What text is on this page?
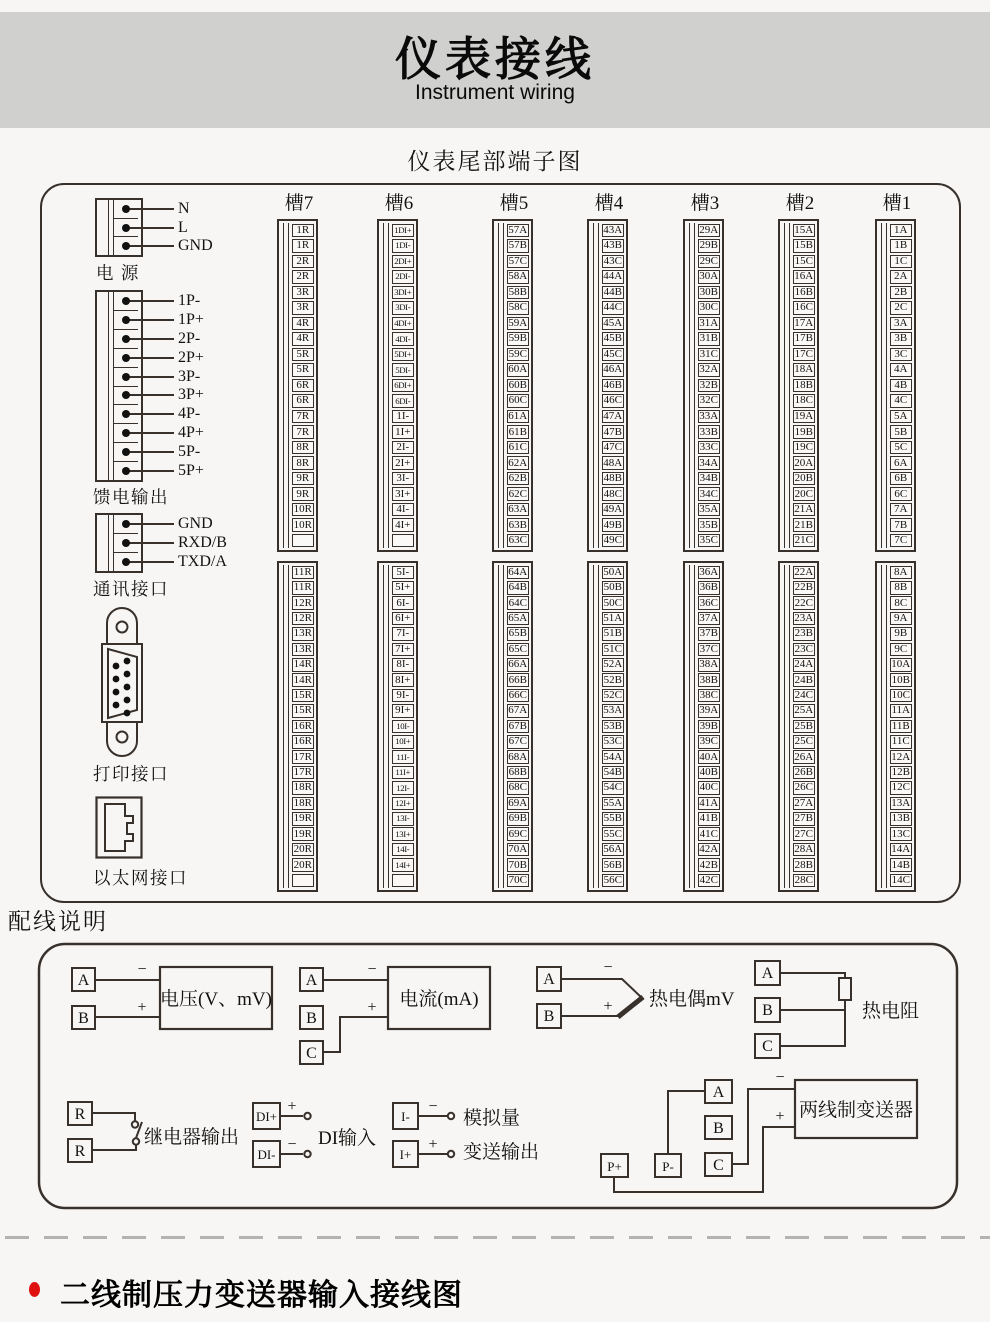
仪表接线
Instrument wiring
仪表尾部端子图
电 源
馈电输出
通讯接口
打印接口
以太网接口
N
L
GND
1P-
1P+
2P-
2P+
3P-
3P+
4P-
4P+
5P-
5P+
GND
RXD/B
TXD/A
槽7
1R
1R
2R
2R
3R
3R
4R
4R
5R
5R
6R
6R
7R
7R
8R
8R
9R
9R
10R
10R
11R
11R
12R
12R
13R
13R
14R
14R
15R
15R
16R
16R
17R
17R
18R
18R
19R
19R
20R
20R
槽6
1DI+
1DI-
2DI+
2DI-
3DI+
3DI-
4DI+
4DI-
5DI+
5DI-
6DI+
6DI-
1I-
1I+
2I-
2I+
3I-
3I+
4I-
4I+
5I-
5I+
6I-
6I+
7I-
7I+
8I-
8I+
9I-
9I+
10I-
10I+
11I-
11I+
12I-
12I+
13I-
13I+
14I-
14I+
槽5
57A
57B
57C
58A
58B
58C
59A
59B
59C
60A
60B
60C
61A
61B
61C
62A
62B
62C
63A
63B
63C
64A
64B
64C
65A
65B
65C
66A
66B
66C
67A
67B
67C
68A
68B
68C
69A
69B
69C
70A
70B
70C
槽4
43A
43B
43C
44A
44B
44C
45A
45B
45C
46A
46B
46C
47A
47B
47C
48A
48B
48C
49A
49B
49C
50A
50B
50C
51A
51B
51C
52A
52B
52C
53A
53B
53C
54A
54B
54C
55A
55B
55C
56A
56B
56C
槽3
29A
29B
29C
30A
30B
30C
31A
31B
31C
32A
32B
32C
33A
33B
33C
34A
34B
34C
35A
35B
35C
36A
36B
36C
37A
37B
37C
38A
38B
38C
39A
39B
39C
40A
40B
40C
41A
41B
41C
42A
42B
42C
槽2
15A
15B
15C
16A
16B
16C
17A
17B
17C
18A
18B
18C
19A
19B
19C
20A
20B
20C
21A
21B
21C
22A
22B
22C
23A
23B
23C
24A
24B
24C
25A
25B
25C
26A
26B
26C
27A
27B
27C
28A
28B
28C
槽1
1A
1B
1C
2A
2B
2C
3A
3B
3C
4A
4B
4C
5A
5B
5C
6A
6B
6C
7A
7B
7C
8A
8B
8C
9A
9B
9C
10A
10B
10C
11A
11B
11C
12A
12B
12C
13A
13B
13C
14A
14B
14C
配线说明
A
B
−
+ 电压(V、mV)
A
B
C
−
+ 电流(mA)
A
B
−
+ 热电偶mV
A
B
C
热电阻
R
R
继电器输出
DI+
DI-
+
− DI输入
I-
I+
−
+
模拟量
变送输出
P+	P-
A
B
C
−
+ 两线制变送器
二线制压力变送器输入接线图
